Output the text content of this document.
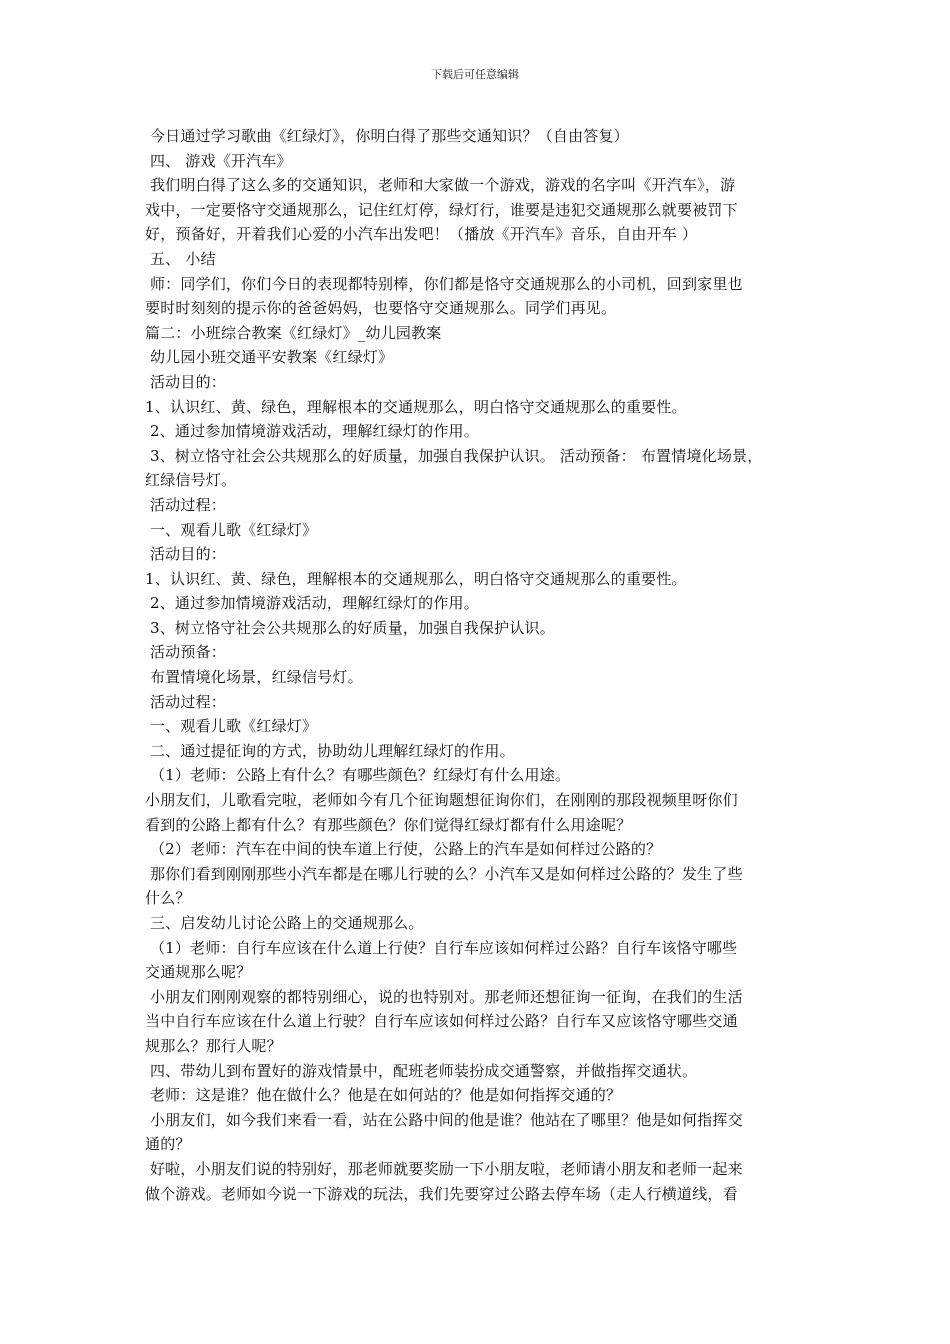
下载后可任意编辑
今日通过学习歌曲《红绿灯》，你明白得了那些交通知识？（自由答复）
四、 游戏《开汽车》
我们明白得了这么多的交通知识，老师和大家做一个游戏，游戏的名字叫《开汽车》，游
戏中，一定要恪守交通规那么，记住红灯停，绿灯行，谁要是违犯交通规那么就要被罚下
好，预备好，开着我们心爱的小汽车出发吧！（播放《开汽车》音乐，自由开车 ）
五、 小结
师：同学们，你们今日的表现都特别棒，你们都是恪守交通规那么的小司机，回到家里也
要时时刻刻的提示你的爸爸妈妈，也要恪守交通规那么。同学们再见。
篇二：小班综合教案《红绿灯》_幼儿园教案
幼儿园小班交通平安教案《红绿灯》
活动目的：
1、认识红、黄、绿色，理解根本的交通规那么，明白恪守交通规那么的重要性。
2、通过参加情境游戏活动，理解红绿灯的作用。
3、树立恪守社会公共规那么的好质量，加强自我保护认识。 活动预备： 布置情境化场景，
红绿信号灯。
活动过程：
一、观看儿歌《红绿灯》
活动目的：
1、认识红、黄、绿色，理解根本的交通规那么，明白恪守交通规那么的重要性。
2、通过参加情境游戏活动，理解红绿灯的作用。
3、树立恪守社会公共规那么的好质量，加强自我保护认识。
活动预备：
布置情境化场景，红绿信号灯。
活动过程：
一、观看儿歌《红绿灯》
二、通过提征询的方式，协助幼儿理解红绿灯的作用。
（1）老师：公路上有什么？有哪些颜色？红绿灯有什么用途。
小朋友们，儿歌看完啦，老师如今有几个征询题想征询你们，在刚刚的那段视频里呀你们
看到的公路上都有什么？有那些颜色？你们觉得红绿灯都有什么用途呢？
（2）老师：汽车在中间的快车道上行使，公路上的汽车是如何样过公路的？
那你们看到刚刚那些小汽车都是在哪儿行驶的么？小汽车又是如何样过公路的？发生了些
什么？
三、启发幼儿讨论公路上的交通规那么。
（1）老师：自行车应该在什么道上行使？自行车应该如何样过公路？自行车该恪守哪些
交通规那么呢？
小朋友们刚刚观察的都特别细心，说的也特别对。那老师还想征询一征询，在我们的生活
当中自行车应该在什么道上行驶？自行车应该如何样过公路？自行车又应该恪守哪些交通
规那么？那行人呢？
四、带幼儿到布置好的游戏情景中，配班老师装扮成交通警察，并做指挥交通状。
老师：这是谁？他在做什么？他是在如何站的？他是如何指挥交通的？
小朋友们，如今我们来看一看，站在公路中间的他是谁？他站在了哪里？他是如何指挥交
通的？
好啦，小朋友们说的特别好，那老师就要奖励一下小朋友啦，老师请小朋友和老师一起来
做个游戏。老师如今说一下游戏的玩法，我们先要穿过公路去停车场（走人行横道线，看
